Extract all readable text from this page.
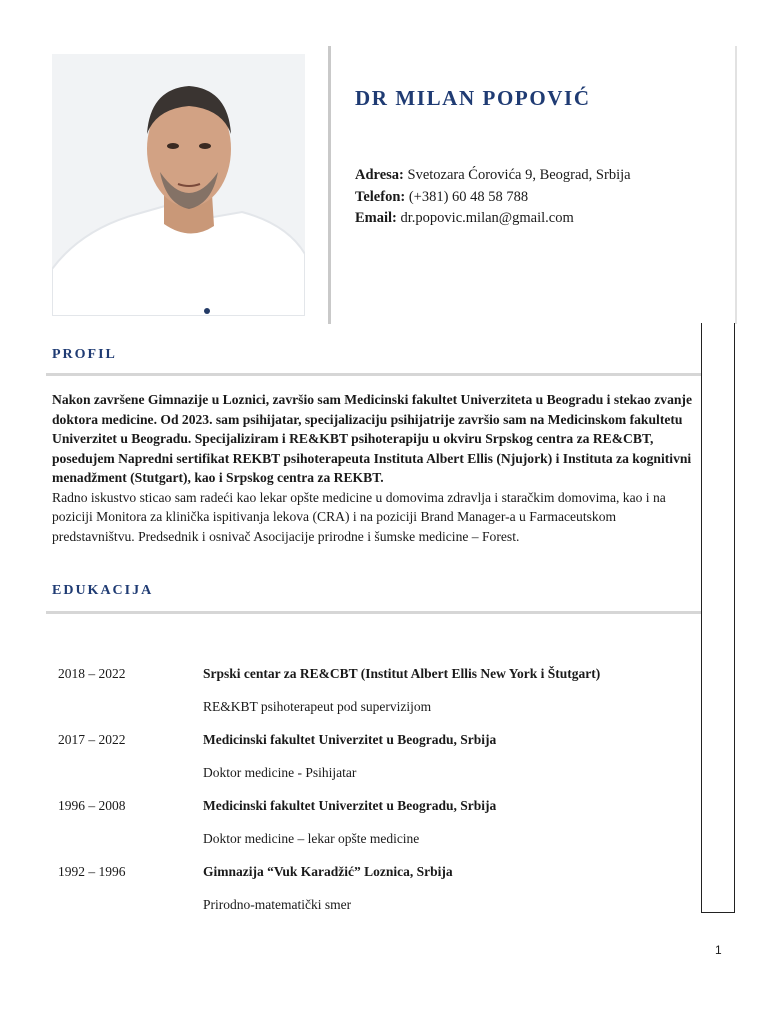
DR MILAN POPOVIĆ
Adresa: Svetozara Ćorovića 9, Beograd, Srbija
Telefon: (+381) 60 48 58 788
Email: dr.popovic.milan@gmail.com
PROFIL
Nakon završene Gimnazije u Loznici, završio sam Medicinski fakultet Univerziteta u Beogradu i stekao zvanje doktora medicine. Od 2023. sam psihijatar, specijalizaciju psihijatrije završio sam na Medicinskom fakultetu Univerzitet u Beogradu. Specijaliziram i RE&KBT psihoterapiju u okviru Srpskog centra za RE&CBT, posedujem Napredni sertifikat REKBT psihoterapeuta Instituta Albert Ellis (Njujork) i Instituta za kognitivni menadžment (Stutgart), kao i Srpskog centra za REKBT.
Radno iskustvo sticao sam radeći kao lekar opšte medicine u domovima zdravlja i staračkim domovima, kao i na poziciji Monitora za klinička ispitivanja lekova (CRA) i na poziciji Brand Manager-a u Farmaceutskom predstavništvu. Predsednik i osnivač Asocijacije prirodne i šumske medicine – Forest.
EDUKACIJA
2018 – 2022	Srpski centar za RE&CBT (Institut Albert Ellis New York i Štutgart)
RE&KBT psihoterapeut pod supervizijom
2017 – 2022	Medicinski fakultet Univerzitet u Beogradu, Srbija
Doktor medicine - Psihijatar
1996 – 2008	Medicinski fakultet Univerzitet u Beogradu, Srbija
Doktor medicine – lekar opšte medicine
1992 – 1996	Gimnazija “Vuk Karadžić” Loznica, Srbija
Prirodno-matematički smer
1
